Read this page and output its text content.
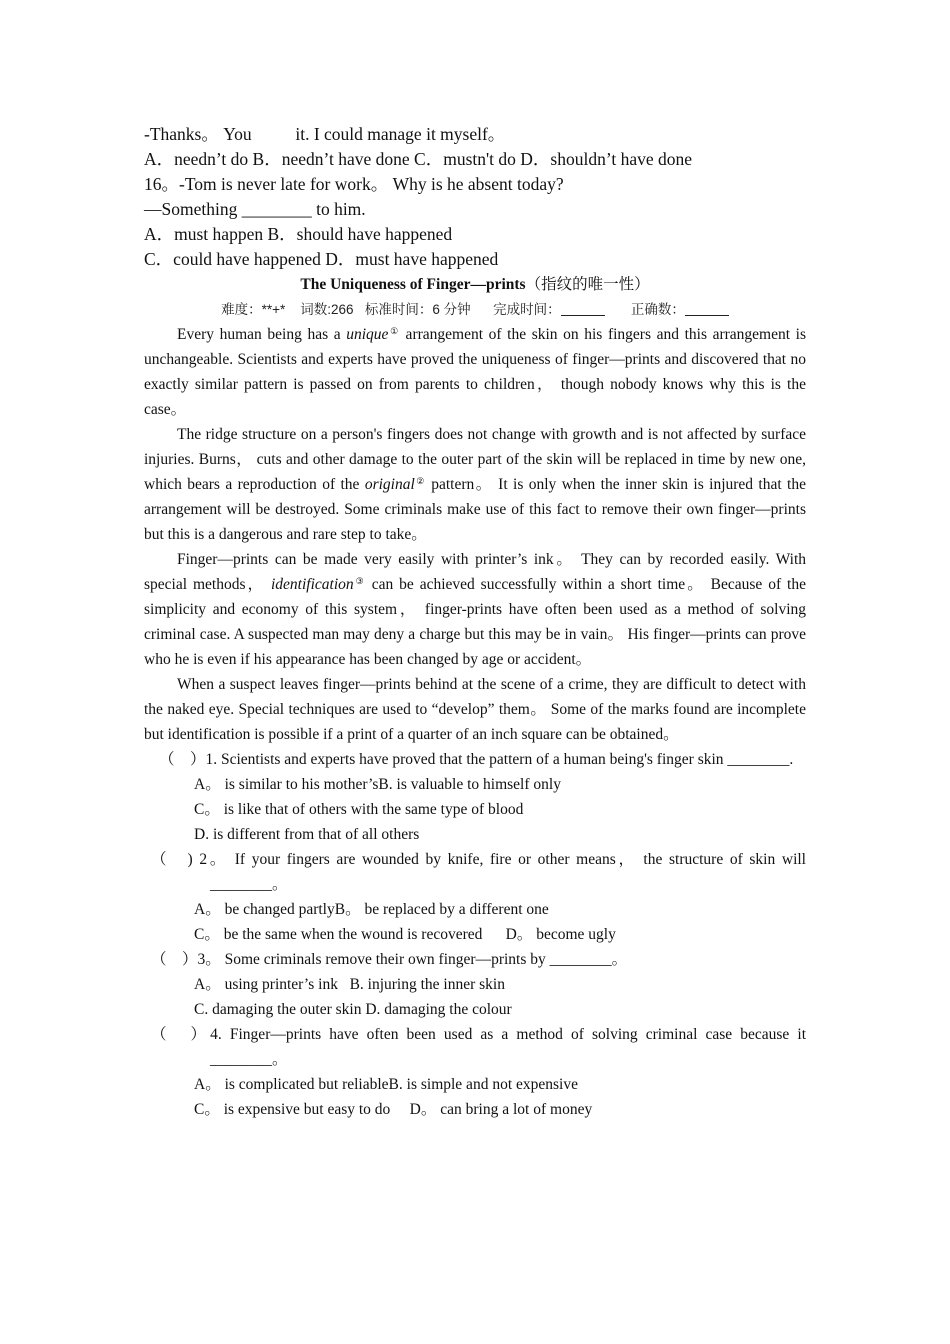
-Thanks。 You          it. I could manage it myself。
A．needn’t do B．needn’t have done C．mustn't do D．shouldn’t have done
16。-Tom is never late for work。 Why is he absent today?
—Something ________ to him.
A．must happen B．should have happened
C．could have happened D．must have happened
The Uniqueness of Finger—prints（指纹的唯一性）
难度：**+* 词数:266 标准时间：6 分钟 完成时间：	正确数：

Every human being has a unique① arrangement of the skin on his fingers and this arrangement is unchangeable. Scientists and experts have proved the uniqueness of finger—prints and discovered that no exactly similar pattern is passed on from parents to children， though nobody knows why this is the case。

The ridge structure on a person's fingers does not change with growth and is not affected by surface injuries. Burns， cuts and other damage to the outer part of the skin will be replaced in time by new one, which bears a reproduction of the original② pattern。 It is only when the inner skin is injured that the arrangement will be destroyed. Some criminals make use of this fact to remove their own finger—prints but this is a dangerous and rare step to take。

Finger—prints can be made very easily with printer’s ink。 They can by recorded easily. With special methods， identification③ can be achieved successfully within a short time。 Because of the simplicity and economy of this system， finger-prints have often been used as a method of solving criminal case. A suspected man may deny a charge but this may be in vain。 His finger—prints can prove who he is even if his appearance has been changed by age or accident。

When a suspect leaves finger—prints behind at the scene of a crime, they are difficult to detect with the naked eye. Special techniques are used to “develop” them。 Some of the marks found are incomplete but identification is possible if a print of a quarter of an inch square can be obtained。

（　）1. Scientists and experts have proved that the pattern of a human being's finger skin ________.

A。 is similar to his mother’sB. is valuable to himself only
C。 is like that of others with the same type of blood
D. is different from that of all others

（　) 2。 If your fingers are wounded by knife, fire or other means， the structure of skin will ________。

A。 be changed partlyB。 be replaced by a different one
C。 be the same when the wound is recovered      D。 become ugly

（　）3。 Some criminals remove their own finger—prints by ________。

A。 using printer’s ink   B. injuring the inner skin
C. damaging the outer skin D. damaging the colour

（　）4. Finger—prints have often been used as a method of solving criminal case because it ________。

A。 is complicated but reliableB. is simple and not expensive
C。 is expensive but easy to do     D。 can bring a lot of money
